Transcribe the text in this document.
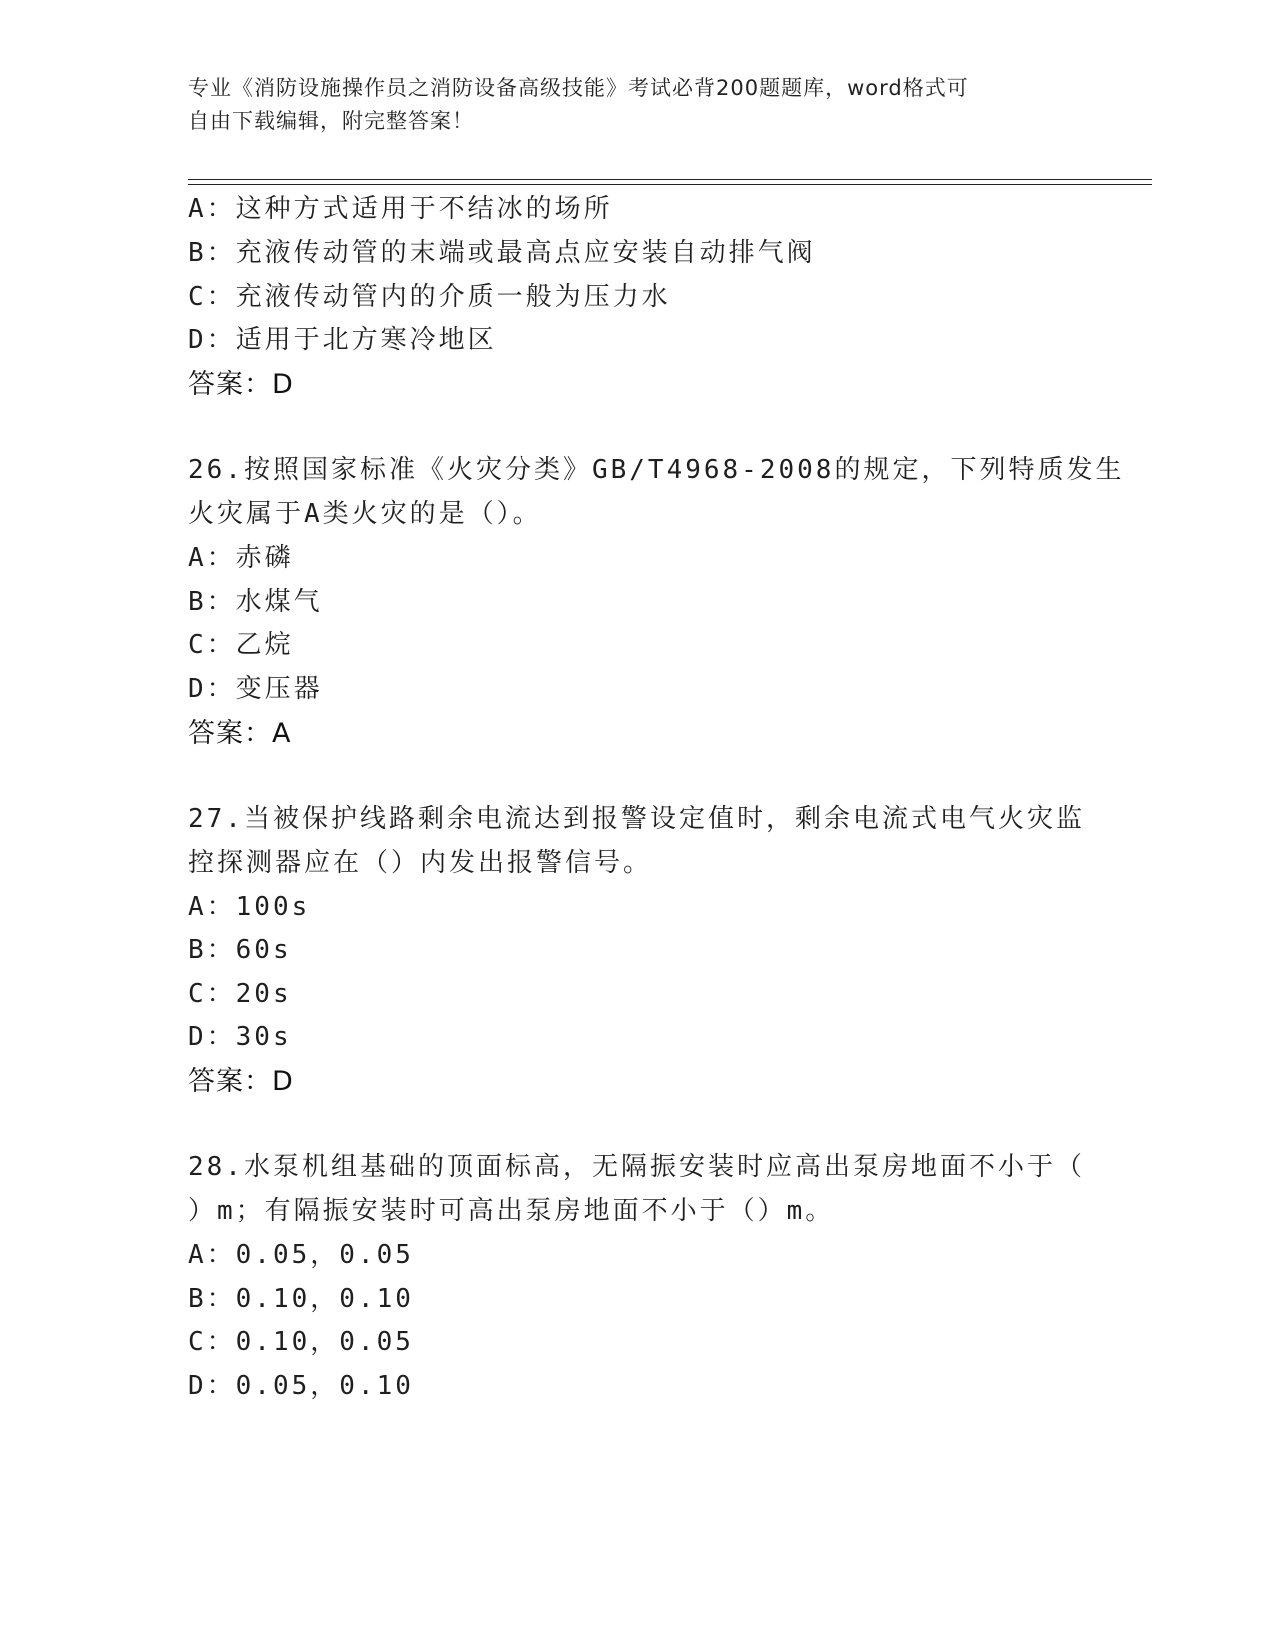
专业《消防设施操作员之消防设备高级技能》考试必背200题题库，word格式可
自由下载编辑，附完整答案！
A：这种方式适用于不结冰的场所
B：充液传动管的末端或最高点应安装自动排气阀
C：充液传动管内的介质一般为压力水
D：适用于北方寒冷地区
答案：D
26.按照国家标准《火灾分类》GB/T4968-2008的规定，下列特质发生
火灾属于A类火灾的是（）。
A：赤磷
B：水煤气
C：乙烷
D：变压器
答案：A
27.当被保护线路剩余电流达到报警设定值时，剩余电流式电气火灾监
控探测器应在（）内发出报警信号。
A：100s
B：60s
C：20s
D：30s
答案：D
28.水泵机组基础的顶面标高，无隔振安装时应高出泵房地面不小于（
）m；有隔振安装时可高出泵房地面不小于（）m。
A：0.05，0.05
B：0.10，0.10
C：0.10，0.05
D：0.05，0.10
